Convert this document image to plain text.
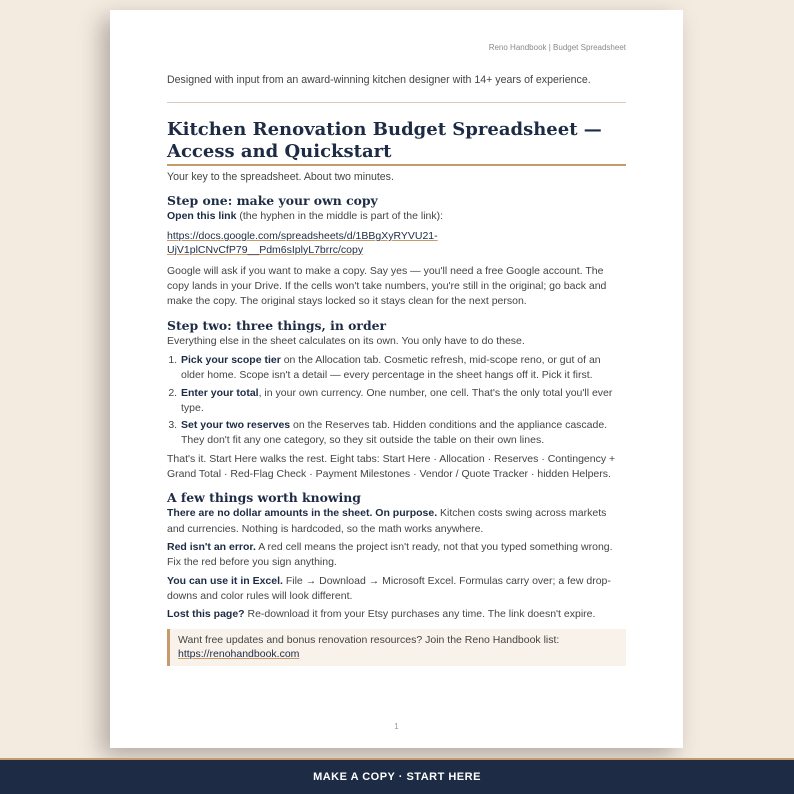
Reno Handbook | Budget Spreadsheet

Designed with input from an award-winning kitchen designer with 14+ years of experience.

Kitchen Renovation Budget Spreadsheet — Access and Quickstart

Your key to the spreadsheet. About two minutes.

Step one: make your own copy

Open this link (the hyphen in the middle is part of the link):

https://docs.google.com/spreadsheets/d/1BBgXyRYVU21-
UjV1plCNvCfP79__Pdm6sIplyL7brrc/copy

Google will ask if you want to make a copy. Say yes — you'll need a free Google account. The copy lands in your Drive. If the cells won't take numbers, you're still in the original; go back and make the copy. The original stays locked so it stays clean for the next person.

Step two: three things, in order

Everything else in the sheet calculates on its own. You only have to do these.

1. Pick your scope tier on the Allocation tab. Cosmetic refresh, mid-scope reno, or gut of an older home. Scope isn't a detail — every percentage in the sheet hangs off it. Pick it first.
2. Enter your total, in your own currency. One number, one cell. That's the only total you'll ever type.
3. Set your two reserves on the Reserves tab. Hidden conditions and the appliance cascade. They don't fit any one category, so they sit outside the table on their own lines.

That's it. Start Here walks the rest. Eight tabs: Start Here · Allocation · Reserves · Contingency + Grand Total · Red-Flag Check · Payment Milestones · Vendor / Quote Tracker · hidden Helpers.

A few things worth knowing

There are no dollar amounts in the sheet. On purpose. Kitchen costs swing across markets and currencies. Nothing is hardcoded, so the math works anywhere.

Red isn't an error. A red cell means the project isn't ready, not that you typed something wrong. Fix the red before you sign anything.

You can use it in Excel. File → Download → Microsoft Excel. Formulas carry over; a few drop-downs and color rules will look different.

Lost this page? Re-download it from your Etsy purchases any time. The link doesn't expire.

Want free updates and bonus renovation resources? Join the Reno Handbook list:
https://renohandbook.com
1
MAKE A COPY · START HERE
